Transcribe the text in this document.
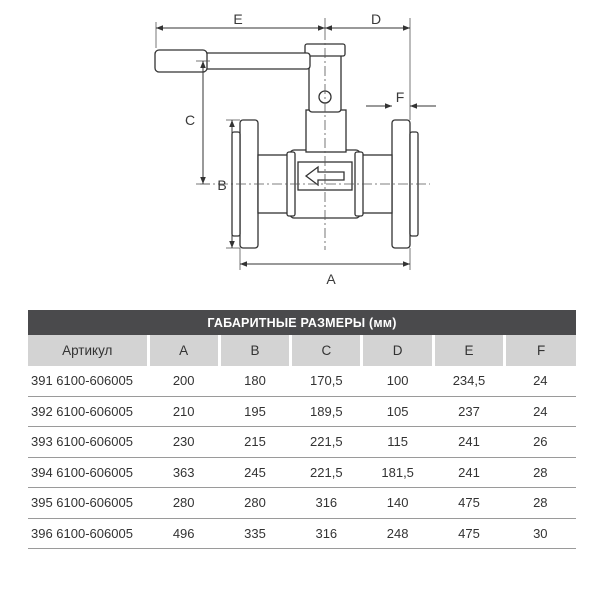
E	D
C
B
A
F
ГАБАРИТНЫЕ РАЗМЕРЫ (мм)						
Артикул	A	B	C	D	E	F
391 6100-606005	200	180	170,5	100	234,5	24
392 6100-606005	210	195	189,5	105	237	24
393 6100-606005	230	215	221,5	115	241	26
394 6100-606005	363	245	221,5	181,5	241	28
395 6100-606005	280	280	316	140	475	28
396 6100-606005	496	335	316	248	475	30
